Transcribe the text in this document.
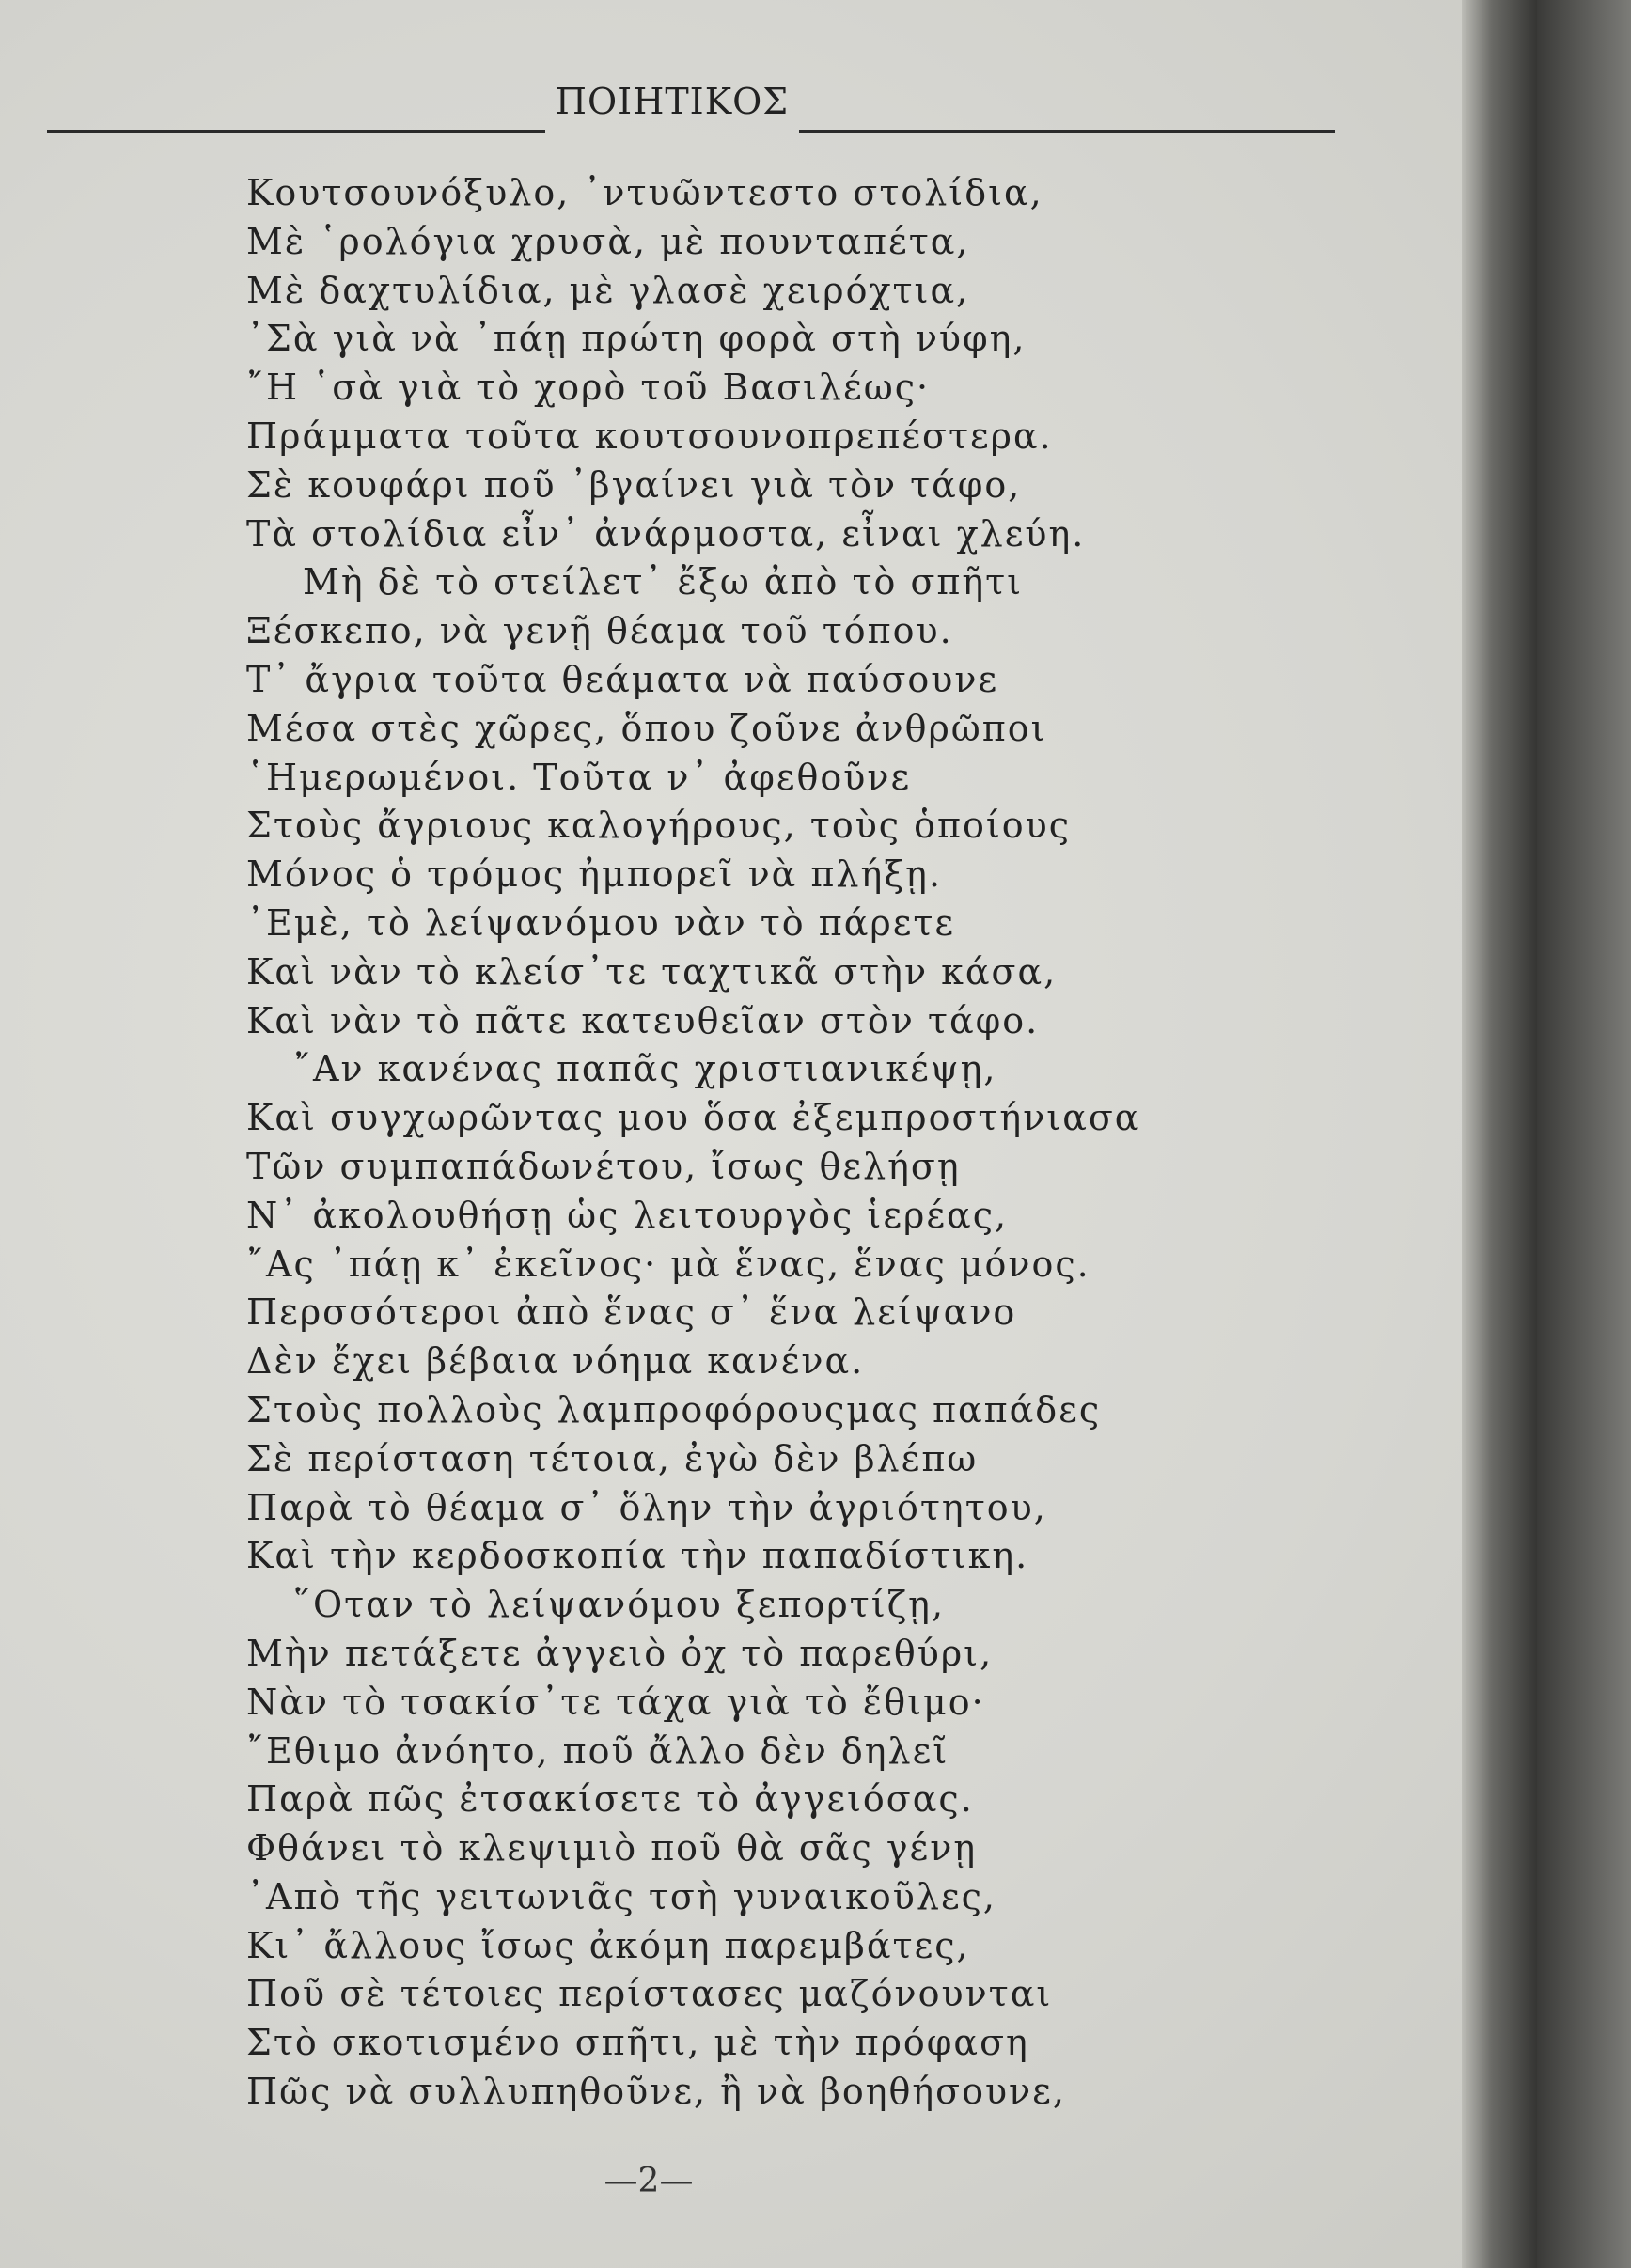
ΠΟΙΗΤΙΚΟΣ
Κουτσουνόξυλο, ᾽ντυῶντεστο στολίδια,
Μὲ ῾ρολόγια χρυσὰ, μὲ πουνταπέτα,
Μὲ δαχτυλίδια, μὲ γλασὲ χειρόχτια,
᾽Σὰ γιὰ νὰ ᾽πάῃ πρώτη φορὰ στὴ νύφη,
῎Η ῾σὰ γιὰ τὸ χορὸ τοῦ Βασιλέως·
Πράμματα τοῦτα κουτσουνοπρεπέστερα.
Σὲ κουφάρι ποῦ ᾽βγαίνει γιὰ τὸν τάφο,
Τὰ στολίδια εἶν᾽ ἀνάρμοστα, εἶναι χλεύη.
Μὴ δὲ τὸ στείλετ᾽ ἔξω ἀπὸ τὸ σπῆτι
Ξέσκεπο, νὰ γενῇ θέαμα τοῦ τόπου.
Τ᾽ ἄγρια τοῦτα θεάματα νὰ παύσουνε
Μέσα στὲς χῶρες, ὅπου ζοῦνε ἀνθρῶποι
῾Ημερωμένοι. Τοῦτα ν᾽ ἀφεθοῦνε
Στοὺς ἄγριους καλογήρους, τοὺς ὁποίους
Μόνος ὁ τρόμος ἠμπορεῖ νὰ πλήξῃ.
᾽Εμὲ, τὸ λείψανόμου νὰν τὸ πάρετε
Καὶ νὰν τὸ κλείσ᾽τε ταχτικᾶ στὴν κάσα,
Καὶ νὰν τὸ πᾶτε κατευθεῖαν στὸν τάφο.
῎Αν κανένας παπᾶς χριστιανικέψῃ,
Καὶ συγχωρῶντας μου ὅσα ἐξεμπροστήνιασα
Τῶν συμπαπάδωνέτου, ἴσως θελήσῃ
Ν᾽ ἀκολουθήσῃ ὡς λειτουργὸς ἱερέας,
῎Ας ᾽πάῃ κ᾽ ἐκεῖνος· μὰ ἕνας, ἕνας μόνος.
Περσσότεροι ἀπὸ ἕνας σ᾽ ἕνα λείψανο
Δὲν ἔχει βέβαια νόημα κανένα.
Στοὺς πολλοὺς λαμπροφόρουςμας παπάδες
Σὲ περίσταση τέτοια, ἐγὼ δὲν βλέπω
Παρὰ τὸ θέαμα σ᾽ ὅλην τὴν ἀγριότητου,
Καὶ τὴν κερδοσκοπία τὴν παπαδίστικη.
῞Οταν τὸ λείψανόμου ξεπορτίζῃ,
Μὴν πετάξετε ἀγγειὸ ὀχ τὸ παρεθύρι,
Νὰν τὸ τσακίσ᾽τε τάχα γιὰ τὸ ἔθιμο·
῎Εθιμο ἀνόητο, ποῦ ἄλλο δὲν δηλεῖ
Παρὰ πῶς ἐτσακίσετε τὸ ἀγγειόσας.
Φθάνει τὸ κλεψιμιὸ ποῦ θὰ σᾶς γένῃ
᾽Απὸ τῆς γειτωνιᾶς τσὴ γυναικοῦλες,
Κι᾽ ἄλλους ἴσως ἀκόμη παρεμβάτες,
Ποῦ σὲ τέτοιες περίστασες μαζόνουνται
Στὸ σκοτισμένο σπῆτι, μὲ τὴν πρόφαση
Πῶς νὰ συλλυπηθοῦνε, ἢ νὰ βοηθήσουνε,
—2—
